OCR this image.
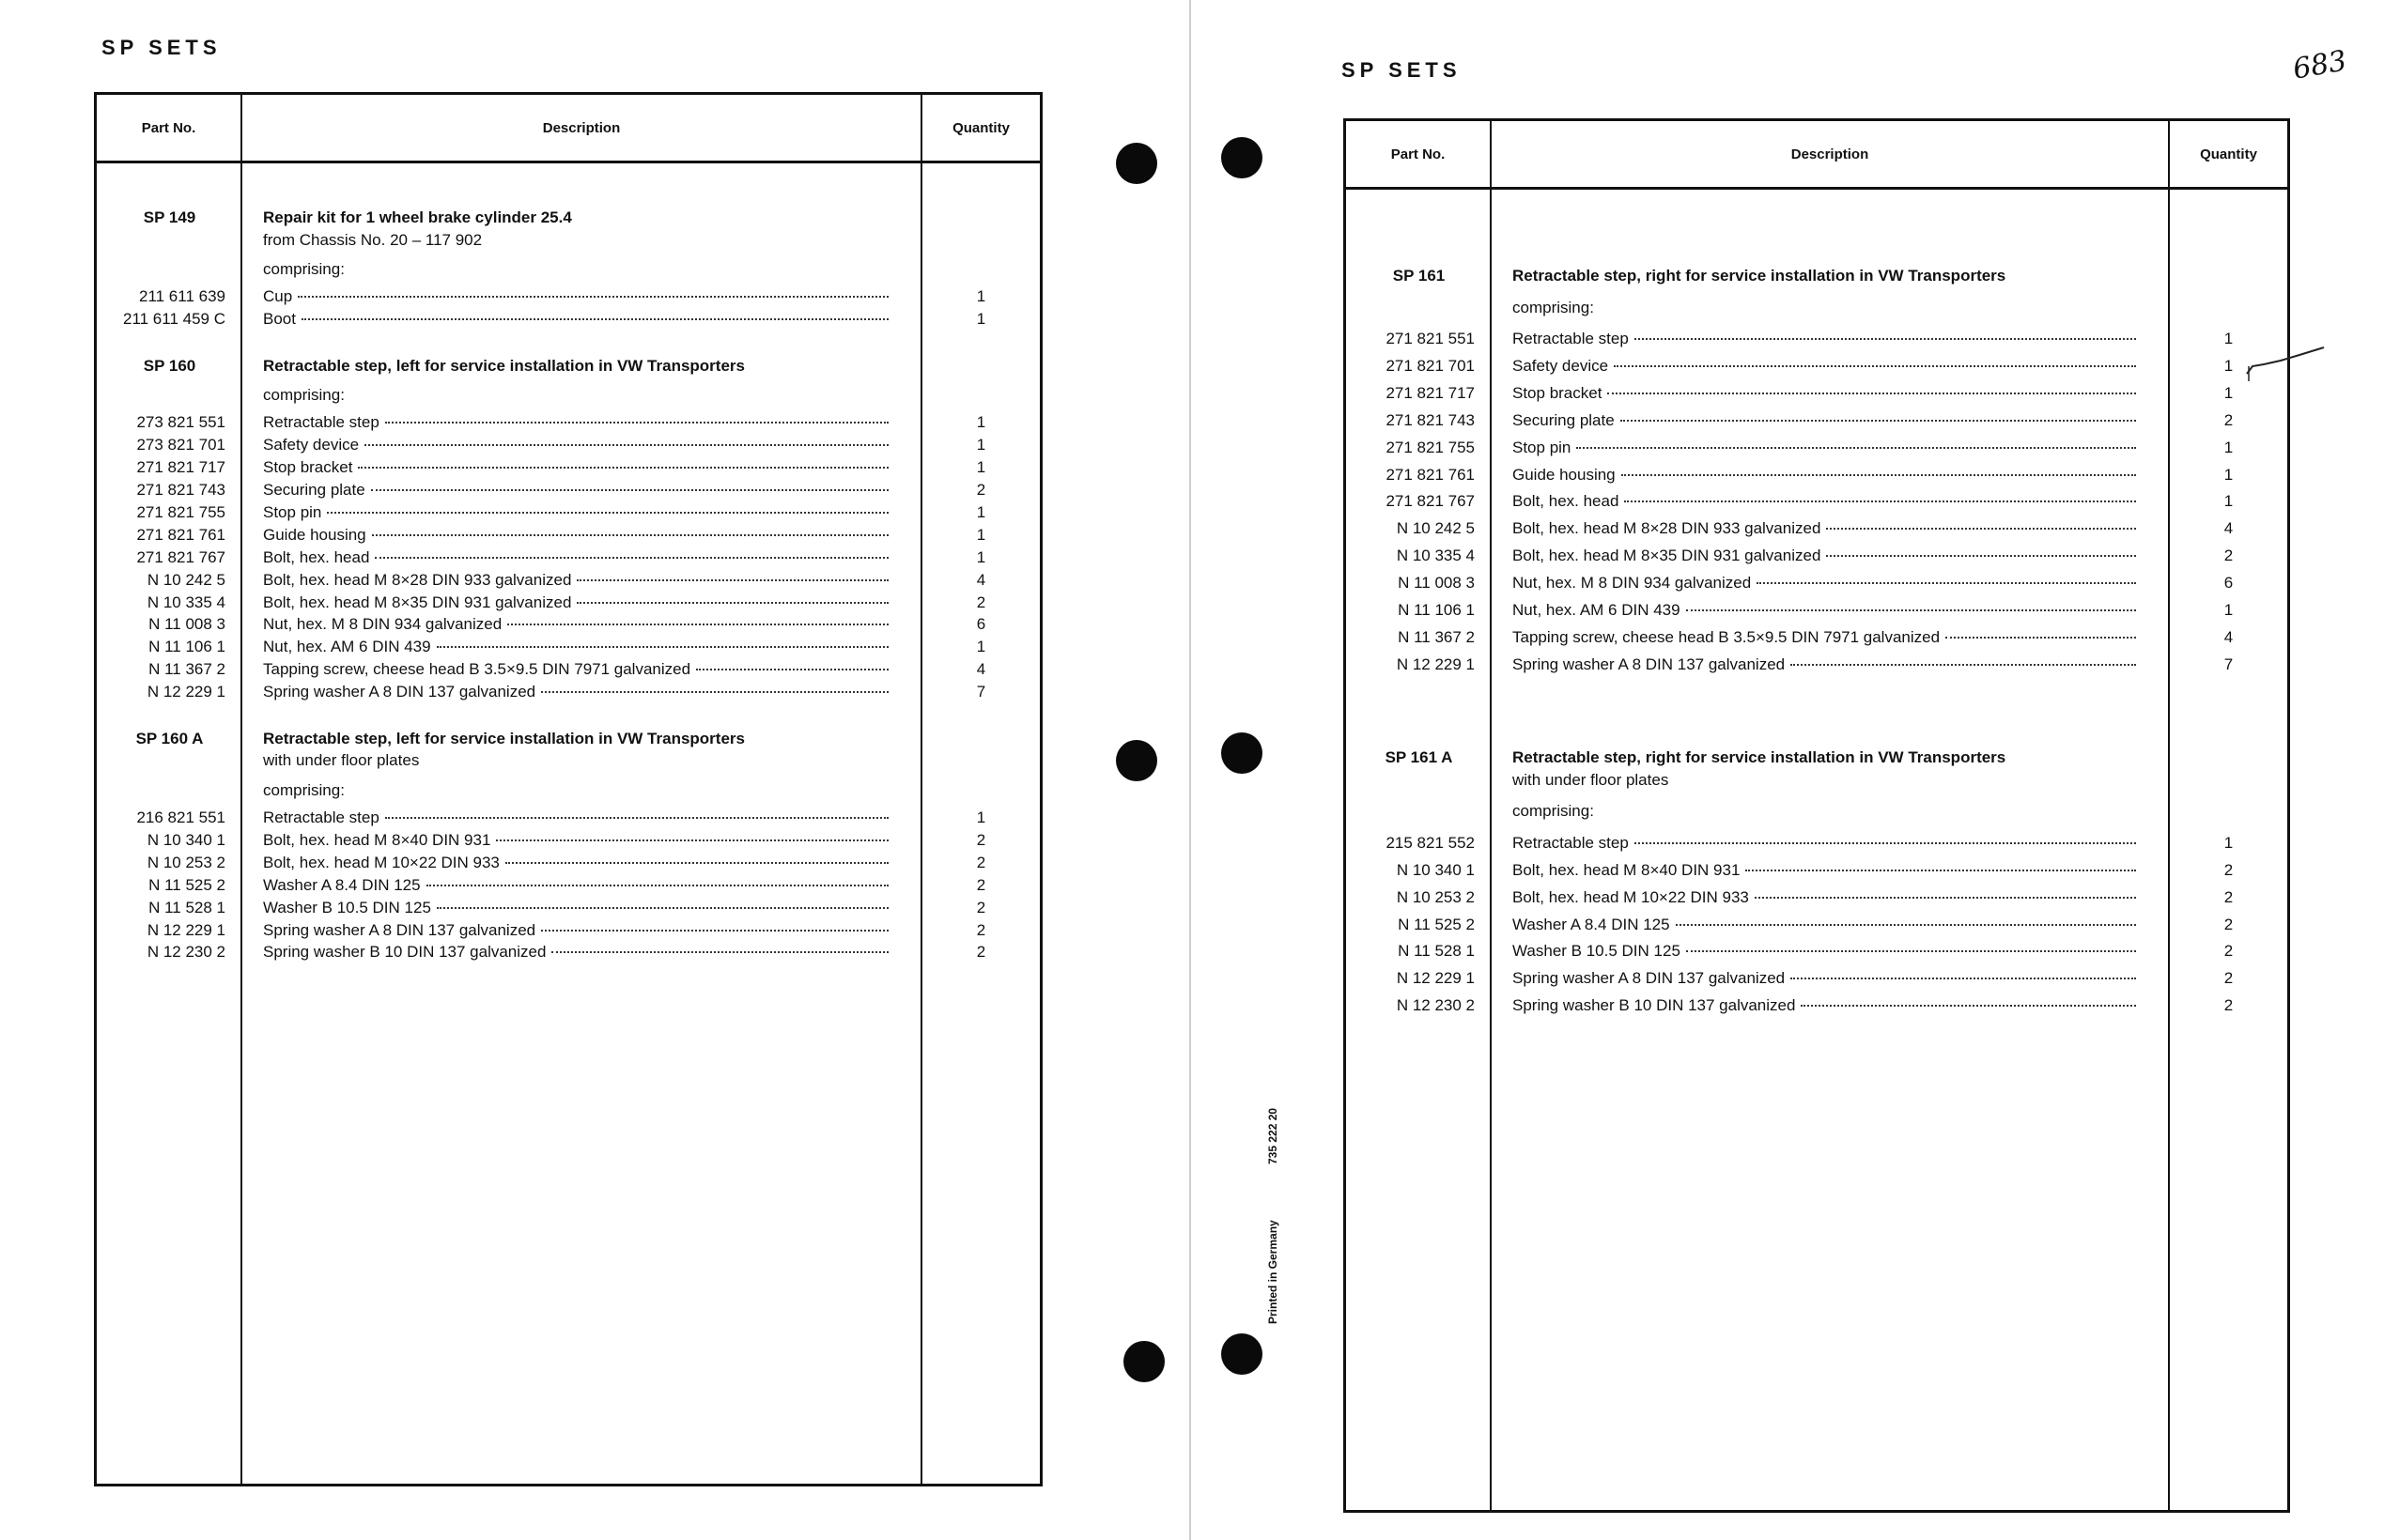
SP SETS
Part No.	Description	Quantity
SP 149	Repair kit for 1 wheel brake cylinder 25.4
from Chassis No. 20 – 117 902
comprising:
211 611 639	Cup	1
211 611 459 C	Boot	1
SP 160	Retractable step, left for service installation in VW Transporters
comprising:
273 821 551	Retractable step	1
273 821 701	Safety device	1
271 821 717	Stop bracket	1
271 821 743	Securing plate	2
271 821 755	Stop pin	1
271 821 761	Guide housing	1
271 821 767	Bolt, hex. head	1
N 10 242 5	Bolt, hex. head M 8×28 DIN 933 galvanized	4
N 10 335 4	Bolt, hex. head M 8×35 DIN 931 galvanized	2
N 11 008 3	Nut, hex. M 8 DIN 934 galvanized	6
N 11 106 1	Nut, hex. AM 6 DIN 439	1
N 11 367 2	Tapping screw, cheese head B 3.5×9.5 DIN 7971 galvanized	4
N 12 229 1	Spring washer A 8 DIN 137 galvanized	7
SP 160 A	Retractable step, left for service installation in VW Transporters
with under floor plates
comprising:
216 821 551	Retractable step	1
N 10 340 1	Bolt, hex. head M 8×40 DIN 931	2
N 10 253 2	Bolt, hex. head M 10×22 DIN 933	2
N 11 525 2	Washer A 8.4 DIN 125	2
N 11 528 1	Washer B 10.5 DIN 125	2
N 12 229 1	Spring washer A 8 DIN 137 galvanized	2
N 12 230 2	Spring washer B 10 DIN 137 galvanized	2
SP SETS	683
Part No.	Description	Quantity
SP 161	Retractable step, right for service installation in VW Transporters
comprising:
271 821 551	Retractable step	1
271 821 701	Safety device	1
271 821 717	Stop bracket	1
271 821 743	Securing plate	2
271 821 755	Stop pin	1
271 821 761	Guide housing	1
271 821 767	Bolt, hex. head	1
N 10 242 5	Bolt, hex. head M 8×28 DIN 933 galvanized	4
N 10 335 4	Bolt, hex. head M 8×35 DIN 931 galvanized	2
N 11 008 3	Nut, hex. M 8 DIN 934 galvanized	6
N 11 106 1	Nut, hex. AM 6 DIN 439	1
N 11 367 2	Tapping screw, cheese head B 3.5×9.5 DIN 7971 galvanized	4
N 12 229 1	Spring washer A 8 DIN 137 galvanized	7
SP 161 A	Retractable step, right for service installation in VW Transporters
with under floor plates
comprising:
215 821 552	Retractable step	1
N 10 340 1	Bolt, hex. head M 8×40 DIN 931	2
N 10 253 2	Bolt, hex. head M 10×22 DIN 933	2
N 11 525 2	Washer A 8.4 DIN 125	2
N 11 528 1	Washer B 10.5 DIN 125	2
N 12 229 1	Spring washer A 8 DIN 137 galvanized	2
N 12 230 2	Spring washer B 10 DIN 137 galvanized	2
Printed in Germany
735 222 20
